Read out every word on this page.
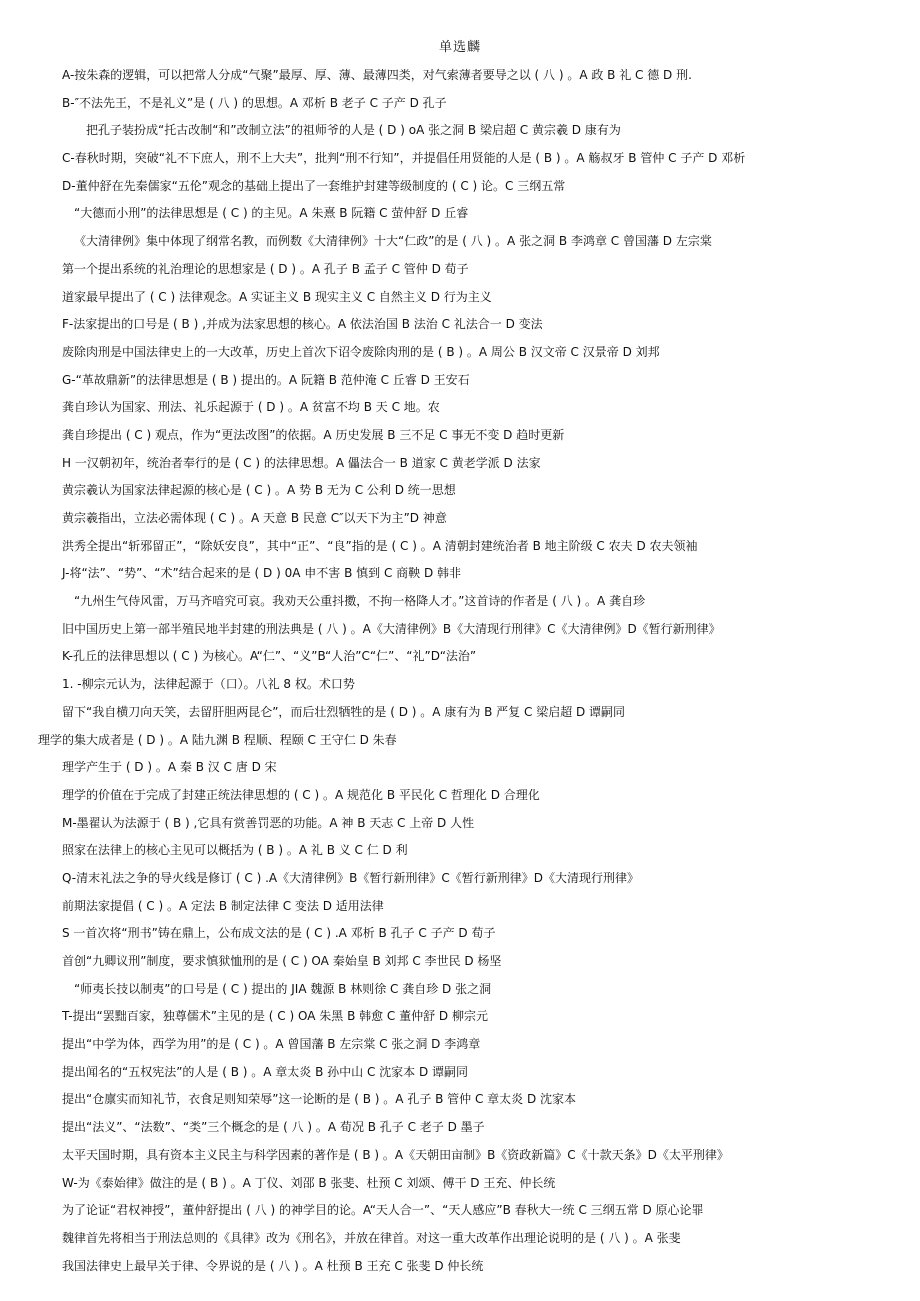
单选麟
A-按朱森的逻辑，可以把常人分成“气聚”最厚、厚、薄、最薄四类，对气索薄者要导之以 ( 八 ) 。A 政 B 礼 C 德 D 刑.
B-″不法先王，不是礼义”是 ( 八 ) 的思想。A 邓析 B 老子 C 子产 D 孔子
把孔子装扮成“托古改制“和”改制立法”的祖师爷的人是 ( D ) oA 张之洞 B 梁启超 C 黄宗羲 D 康有为
C-春秋时期，突破“礼不下庶人，刑不上大夫”，批判“刑不行知”，并提倡任用贤能的人是 ( B ) 。A 觞叔牙 B 管仲 C 子产 D 邓析
D-董仲舒在先秦儒家“五伦”观念的基础上提出了一套维护封建等级制度的 ( C ) 论。C 三纲五常
“大德而小刑”的法律思想是 ( C ) 的主见。A 朱熹 B 阮籍 C 萤仲舒 D 丘睿
《大清律例》集中体现了纲常名教，而例数《大清律例》十大“仁政”的是 ( 八 ) 。A 张之洞 B 李鸿章 C 曾国藩 D 左宗棠
第一个提出系统的礼治理论的思想家是 ( D ) 。A 孔子 B 孟子 C 管仲 D 荀子
道家最早提出了 ( C ) 法律观念。A 实证主义 B 现实主义 C 自然主义 D 行为主义
F-法家提出的口号是 ( B ) ,并成为法家思想的核心。A 依法治国 B 法治 C 礼法合一 D 变法
废除肉刑是中国法律史上的一大改革，历史上首次下诏令废除肉刑的是 ( B ) 。A 周公 B 汉文帝 C 汉景帝 D 刘邦
G-“革故鼎新”的法律思想是 ( B ) 提出的。A 阮籍 B 范仲淹 C 丘睿 D 王安石
龚自珍认为国家、刑法、礼乐起源于 ( D ) 。A 贫富不均 B 天 C 地。农
龚自珍提出 ( C ) 观点，作为“更法改图”的依据。A 历史发展 B 三不足 C 事无不变 D 趋时更新
H 一汉朝初年，统治者奉行的是 ( C ) 的法律思想。A 儡法合一 B 道家 C 黄老学派 D 法家
黄宗羲认为国家法律起源的核心是 ( C ) 。A 势 B 无为 C 公利 D 统一思想
黄宗羲指出，立法必需体现 ( C ) 。A 天意 B 民意 C″以天下为主”D 神意
洪秀全提出“斩邪留正”，“除妖安良”，其中“正”、“良”指的是 ( C ) 。A 清朝封建统治者 B 地主阶级 C 农夫 D 农夫领袖
J-将“法”、“势”、“术”结合起来的是 ( D ) 0A 申不害 B 慎到 C 商鞅 D 韩非
“九州生气侍风雷，万马齐喑究可哀。我劝天公重抖擞，不拘一格降人才。”这首诗的作者是 ( 八 ) 。A 龚自珍
旧中国历史上第一部半殖民地半封建的刑法典是 ( 八 ) 。A《大清律例》B《大清现行刑律》C《大清律例》D《暂行新刑律》
K-孔丘的法律思想以 ( C ) 为核心。A“仁”、“义”B“人治”C“仁”、“礼”D“法治”
1. -柳宗元认为，法律起源于（口）。八礼 8 权。术口势
留下“我自横刀向天笑，去留肝胆两昆仑”，而后壮烈牺牲的是 ( D ) 。A 康有为 B 严复 C 梁启超 D 谭嗣同
理学的集大成者是 ( D ) 。A 陆九渊 B 程顺、程颐 C 王守仁 D 朱春
理学产生于 ( D ) 。A 秦 B 汉 C 唐 D 宋
理学的价值在于完成了封建正统法律思想的 ( C ) 。A 规范化 B 平民化 C 哲理化 D 合理化
M-墨翟认为法源于 ( B ) ,它具有赏善罚恶的功能。A 神 B 天志 C 上帝 D 人性
照家在法律上的核心主见可以概括为 ( B ) 。A 礼 B 义 C 仁 D 利
Q-清末礼法之争的导火线是修订 ( C ) .A《大清律例》B《暂行新刑律》C《暂行新刑律》D《大清现行刑律》
前期法家提倡 ( C ) 。A 定法 B 制定法律 C 变法 D 适用法律
S 一首次将“刑书”铸在鼎上，公布成文法的是 ( C ) .A 邓析 B 孔子 C 子产 D 荀子
首创“九卿议刑”制度，要求慎狱恤刑的是 ( C ) OA 秦始皇 B 刘邦 C 李世民 D 杨坚
“师夷长技以制夷”的口号是 ( C ) 提出的 JIA 魏源 B 林则徐 C 龚自珍 D 张之洞
T-提出“罢黜百家，独尊儒术”主见的是 ( C ) OA 朱黑 B 韩愈 C 董仲舒 D 柳宗元
提出“中学为体，西学为用”的是 ( C ) 。A 曾国藩 B 左宗棠 C 张之洞 D 李鸿章
提出闻名的“五权宪法”的人是 ( B ) 。A 章太炎 B 孙中山 C 沈家本 D 谭嗣同
提出“仓廪实而知礼节，衣食足则知荣辱”这一论断的是 ( B ) 。A 孔子 B 管仲 C 章太炎 D 沈家本
提出“法义”、“法数”、“类”三个概念的是 ( 八 ) 。A 荀况 B 孔子 C 老子 D 墨子
太平天国时期，具有资本主义民主与科学因素的著作是 ( B ) 。A《天朝田亩制》B《资政新篇》C《十款天条》D《太平刑律》
W-为《泰始律》做注的是 ( B ) 。A 丁仪、刘邵 B 张斐、杜预 C 刘颂、傅干 D 王充、仲长统
为了论证“君权神授”，董仲舒提出 ( 八 ) 的神学目的论。A“天人合一”、“天人感应”B 春秋大一统 C 三纲五常 D 原心论罪
魏律首先将相当于刑法总则的《具律》改为《刑名》，并放在律首。对这一重大改革作出理论说明的是 ( 八 ) 。A 张斐
我国法律史上最早关于律、令界说的是 ( 八 ) 。A 杜预 B 王充 C 张斐 D 仲长统
